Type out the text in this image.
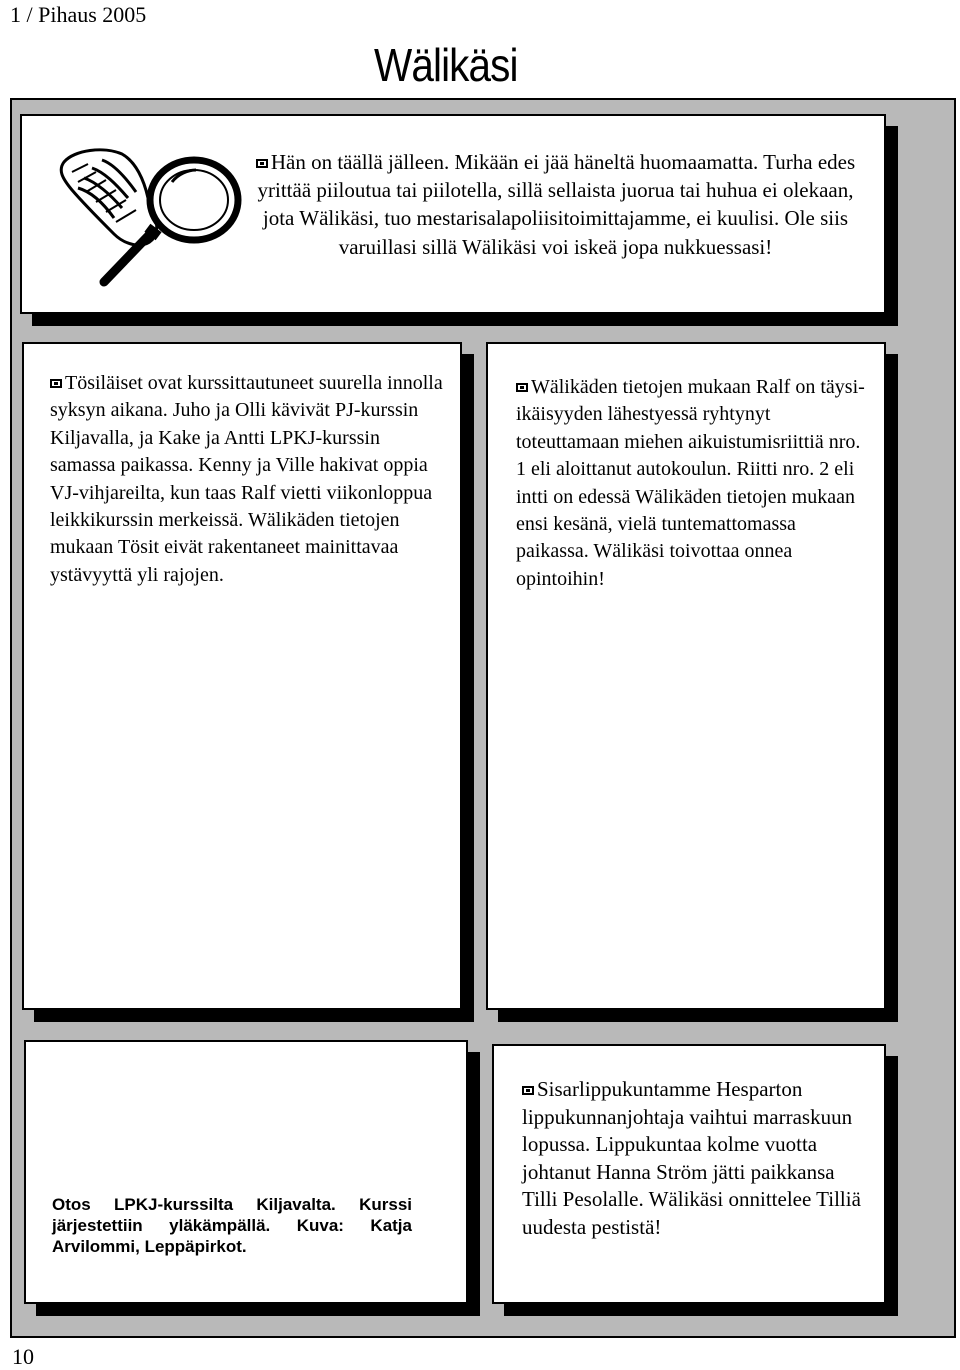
1 / Pihaus 2005
Wälikäsi
Hän on täällä jälleen. Mikään ei jää häneltä huomaamatta. Turha edes yrittää piiloutua tai piilotella, sillä sellaista juorua tai huhua ei olekaan, jota Wälikäsi, tuo mestarisalapoliisitoimittajamme, ei kuulisi. Ole siis varuillasi sillä Wälikäsi voi iskeä jopa nukkuessasi!
Tösiläiset ovat kurssittautuneet suurella innolla syksyn aikana. Juho ja Olli kävivät PJ-kurssin Kiljavalla, ja Kake ja Antti LPKJ-kurssin samassa paikassa. Kenny ja Ville hakivat oppia VJ-vihjareilta, kun taas Ralf vietti viikonloppua leikkikurssin merkeissä. Wälikäden tietojen mukaan Tösit eivät rakentaneet mainittavaa ystävyyttä yli rajojen.
Wälikäden tietojen mukaan Ralf on täysi-ikäisyyden lähestyessä ryhtynyt toteuttamaan miehen aikuistumisriittiä nro. 1 eli aloittanut autokoulun. Riitti nro. 2 eli intti on edessä Wälikäden tietojen mukaan ensi kesänä, vielä tuntemattomassa paikassa. Wälikäsi toivottaa onnea opintoihin!
Otos LPKJ-kurssilta Kiljavalta. Kurssi järjestettiin yläkämpällä. Kuva: Katja Arvilommi, Leppäpirkot.
Sisarlippukuntamme Hesparton lippukunnanjohtaja vaihtui marraskuun lopussa. Lippukuntaa kolme vuotta johtanut Hanna Ström jätti paikkansa Tilli Pesolalle. Wälikäsi onnittelee Tilliä uudesta pestistä!
10
